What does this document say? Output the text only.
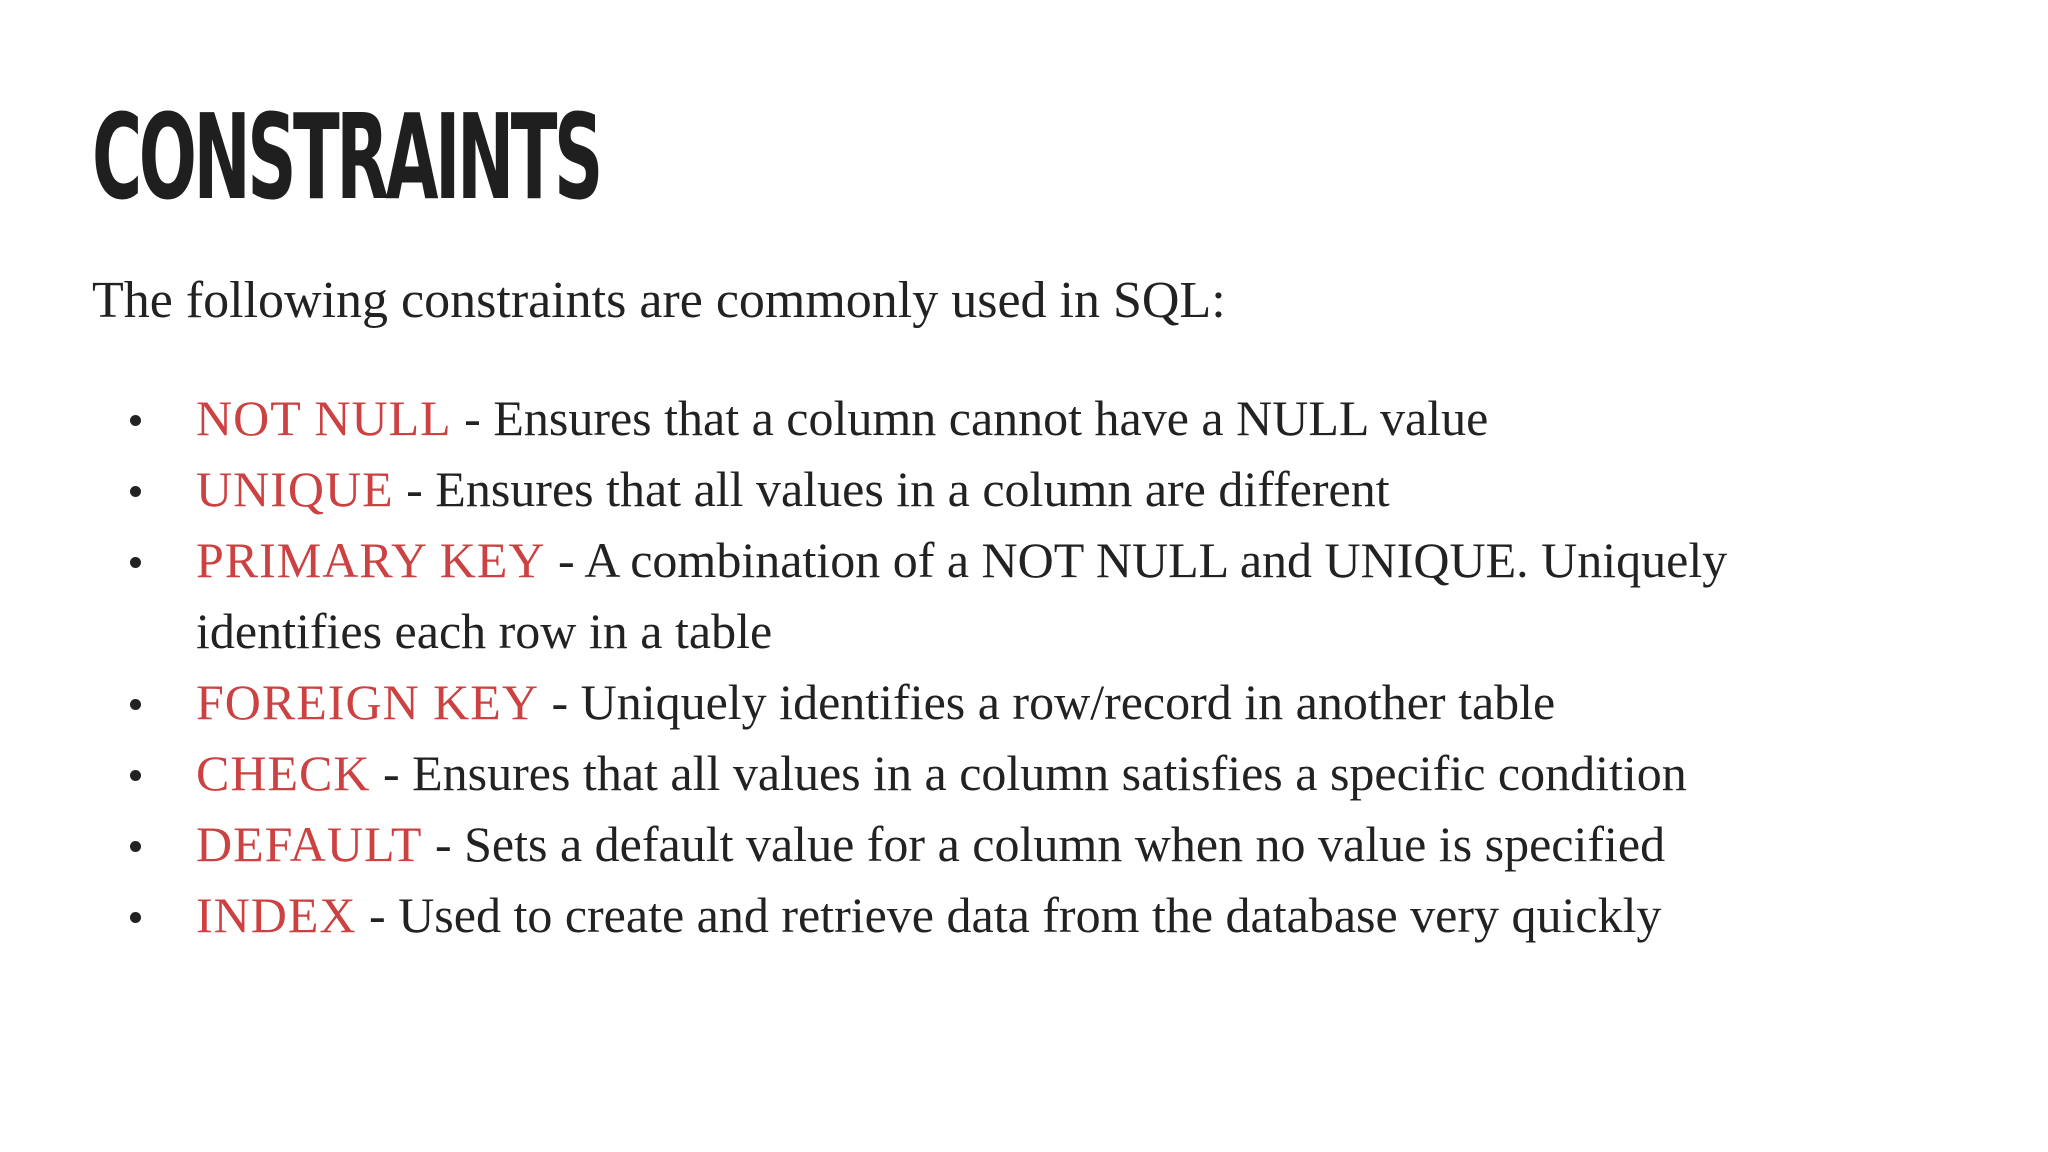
CONSTRAINTS

The following constraints are commonly used in SQL:

NOT NULL - Ensures that a column cannot have a NULL value
UNIQUE - Ensures that all values in a column are different
PRIMARY KEY - A combination of a NOT NULL and UNIQUE. Uniquely identifies each row in a table
FOREIGN KEY - Uniquely identifies a row/record in another table
CHECK - Ensures that all values in a column satisfies a specific condition
DEFAULT - Sets a default value for a column when no value is specified
INDEX - Used to create and retrieve data from the database very quickly
